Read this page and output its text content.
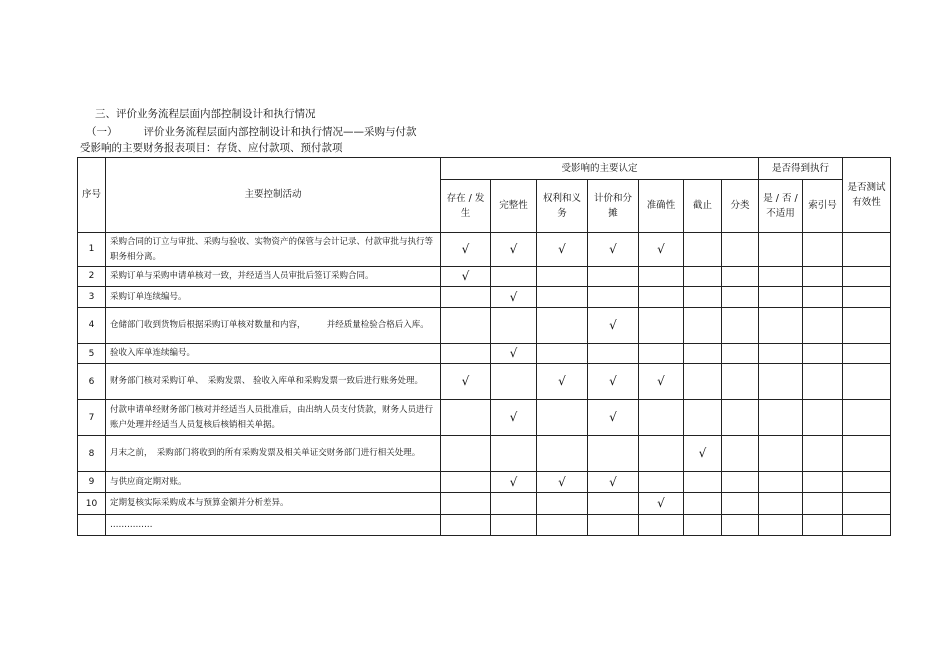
三、评价业务流程层面内部控制设计和执行情况
（一） 评价业务流程层面内部控制设计和执行情况——采购与付款
受影响的主要财务报表项目：存货、应付款项、预付款项
序号	主要控制活动	受影响的主要认定							是否得到执行		是否测试有效性
		存在 / 发生	完整性	权利和义务	计价和分摊	准确性	截止	分类	是 / 否 / 不适用	索引号	
1	采购合同的订立与审批、采购与验收、实物资产的保管与会计记录、付款审批与执行等职务相分离。	√	√	√	√	√					
2	采购订单与采购申请单核对一致，并经适当人员审批后签订采购合同。	√									
3	采购订单连续编号。		√								
4	仓储部门收到货物后根据采购订单核对数量和内容，　　　并经质量检验合格后入库。				√						
5	验收入库单连续编号。		√								
6	财务部门核对采购订单、　采购发票、 验收入库单和采购发票一致后进行账务处理。	√		√	√	√					
7	付款申请单经财务部门核对并经适当人员批准后，由出纳人员支付货款，财务人员进行账户处理并经适当人员复核后核销相关单据。		√		√						
8	月末之前，　采购部门将收到的所有采购发票及相关单证交财务部门进行相关处理。						√				
9	与供应商定期对账。		√	√	√						
10	定期复核实际采购成本与预算金额并分析差异。					√					
	……………										
